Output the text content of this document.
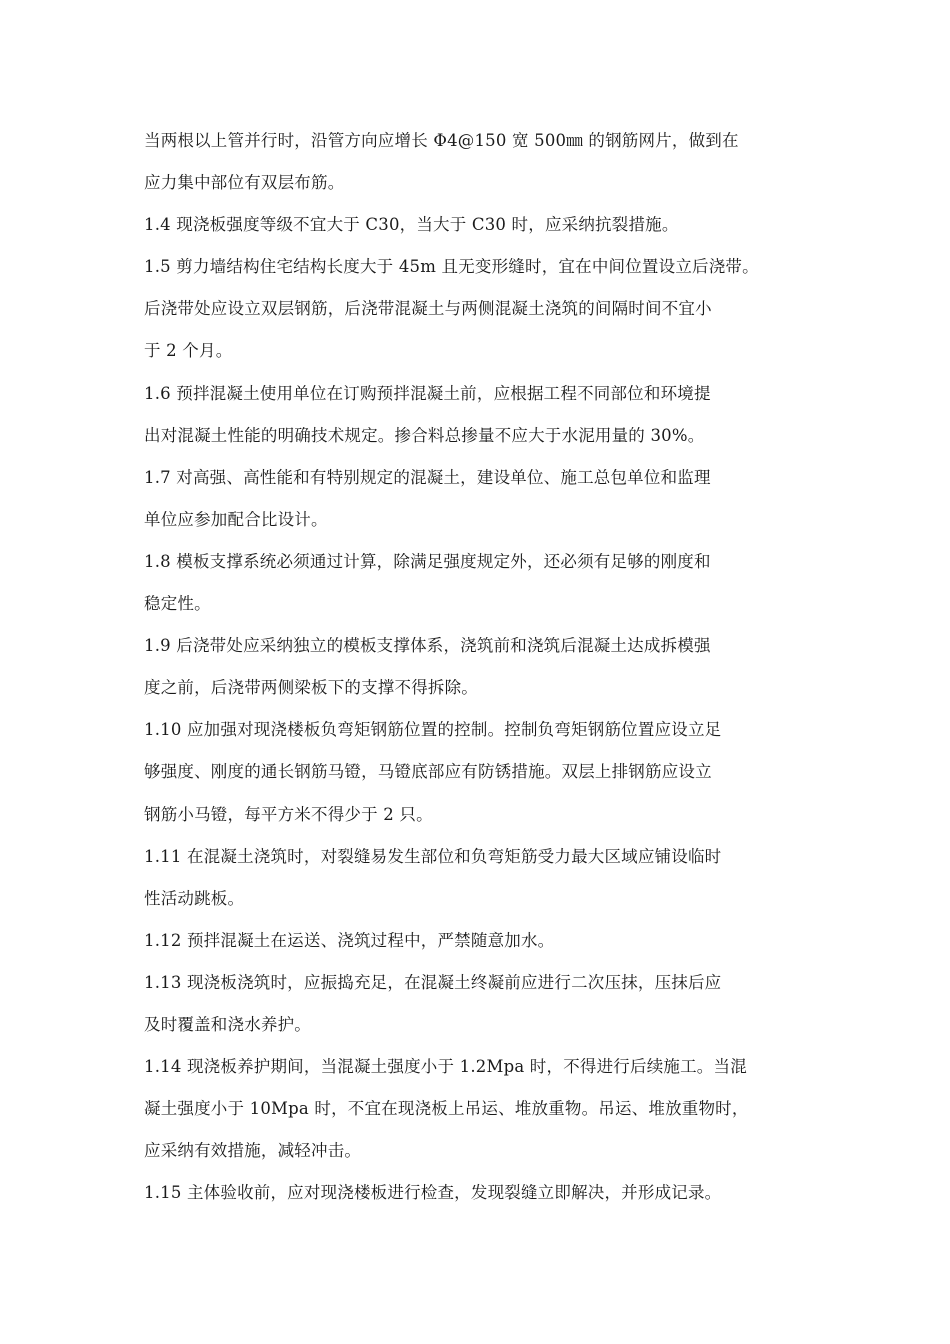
当两根以上管并行时，沿管方向应增长 Φ4@150 宽 500㎜ 的钢筋网片，做到在
应力集中部位有双层布筋。
1.4 现浇板强度等级不宜大于 C30，当大于 C30 时，应采纳抗裂措施。
1.5 剪力墙结构住宅结构长度大于 45m 且无变形缝时，宜在中间位置设立后浇带。
后浇带处应设立双层钢筋，后浇带混凝土与两侧混凝土浇筑的间隔时间不宜小
于 2 个月。
1.6 预拌混凝土使用单位在订购预拌混凝土前，应根据工程不同部位和环境提
出对混凝土性能的明确技术规定。掺合料总掺量不应大于水泥用量的 30%。
1.7 对高强、高性能和有特别规定的混凝土，建设单位、施工总包单位和监理
单位应参加配合比设计。
1.8 模板支撑系统必须通过计算，除满足强度规定外，还必须有足够的刚度和
稳定性。
1.9 后浇带处应采纳独立的模板支撑体系，浇筑前和浇筑后混凝土达成拆模强
度之前，后浇带两侧梁板下的支撑不得拆除。
1.10 应加强对现浇楼板负弯矩钢筋位置的控制。控制负弯矩钢筋位置应设立足
够强度、刚度的通长钢筋马镫，马镫底部应有防锈措施。双层上排钢筋应设立
钢筋小马镫，每平方米不得少于 2 只。
1.11 在混凝土浇筑时，对裂缝易发生部位和负弯矩筋受力最大区域应铺设临时
性活动跳板。
1.12 预拌混凝土在运送、浇筑过程中，严禁随意加水。
1.13 现浇板浇筑时，应振捣充足，在混凝土终凝前应进行二次压抹，压抹后应
及时覆盖和浇水养护。
1.14 现浇板养护期间，当混凝土强度小于 1.2Mpa 时，不得进行后续施工。当混
凝土强度小于 10Mpa 时，不宜在现浇板上吊运、堆放重物。吊运、堆放重物时，
应采纳有效措施，减轻冲击。
1.15 主体验收前，应对现浇楼板进行检查，发现裂缝立即解决，并形成记录。
